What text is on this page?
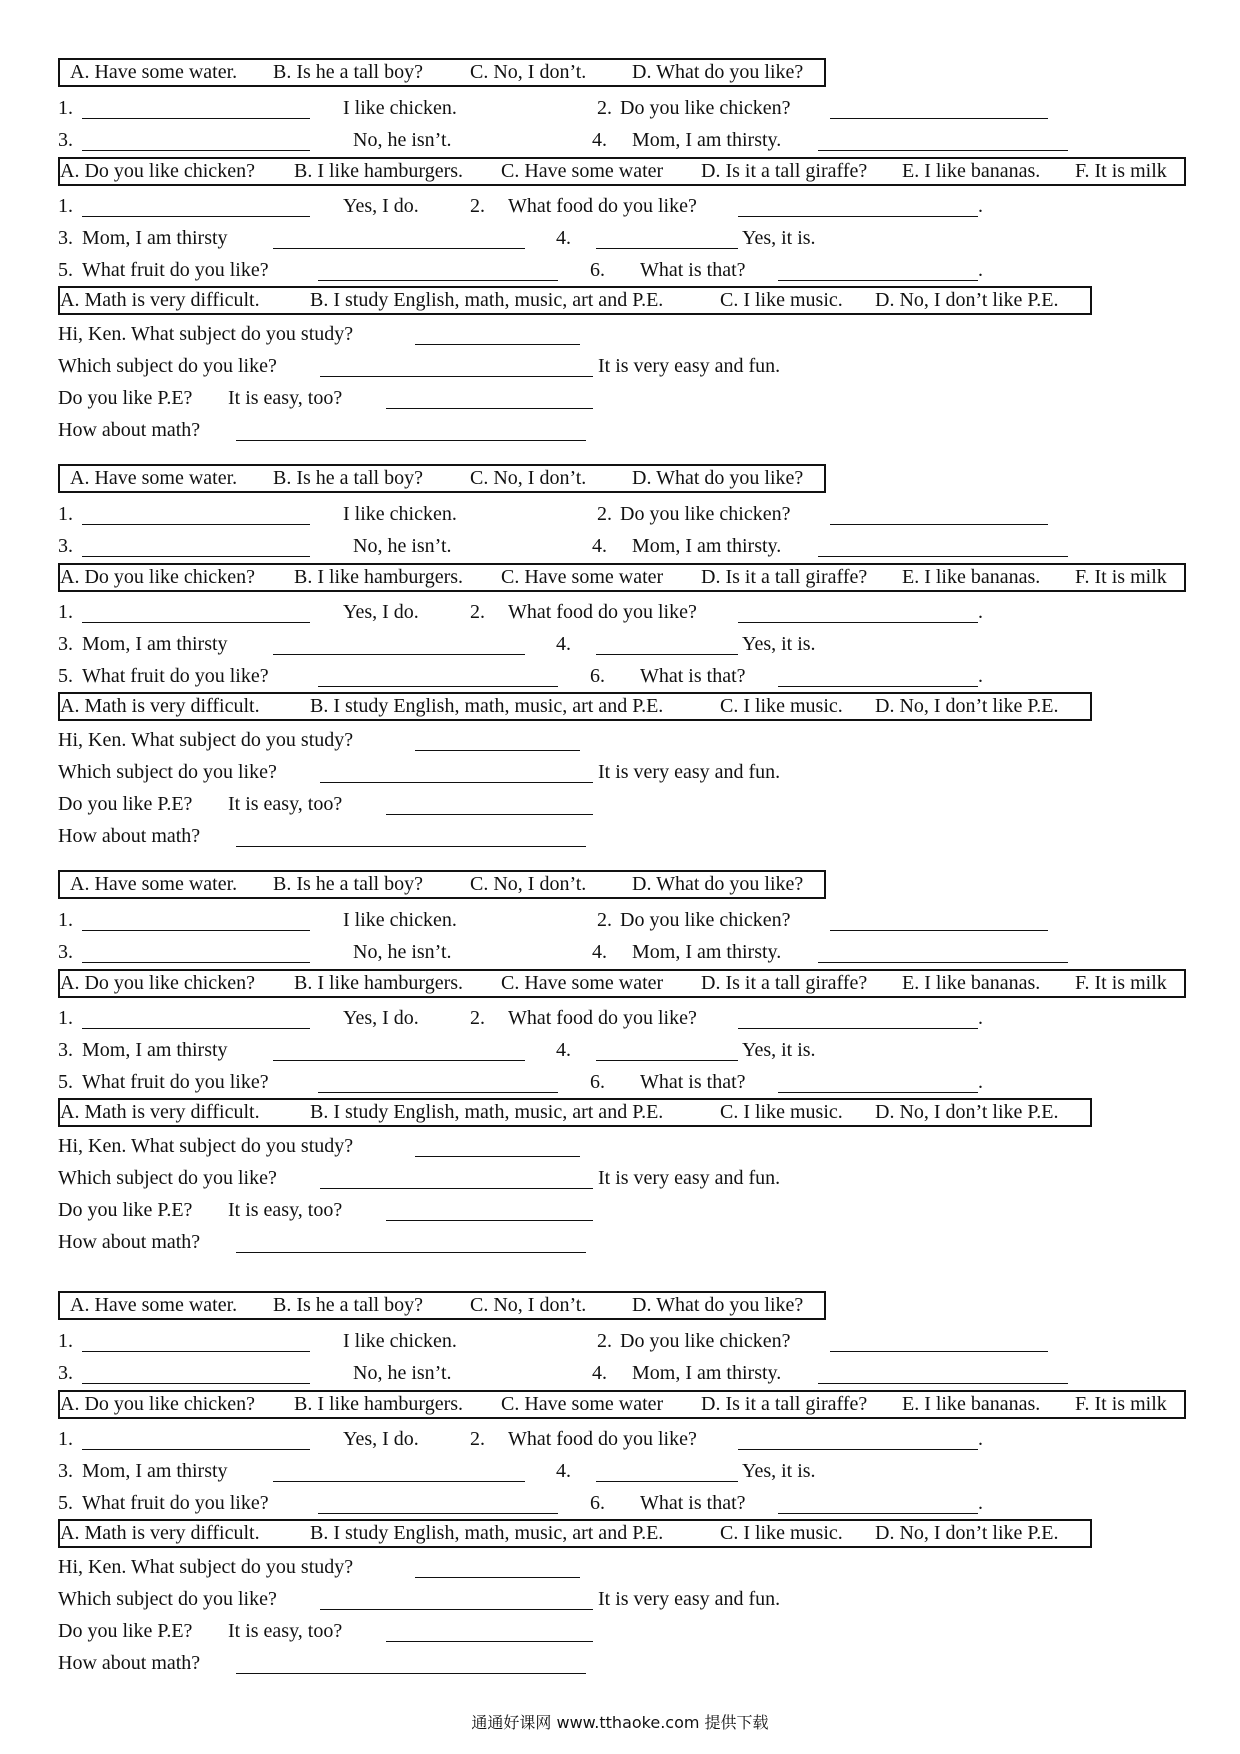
A. Have some water. B. Is he a tall boy? C. No, I don’t. D. What do you like?
1.	I like chicken.	2. Do you like chicken?
3.	No, he isn’t.	4. Mom, I am thirsty.
A. Do you like chicken? B. I like hamburgers. C. Have some water D. Is it a tall giraffe? E. I like bananas. F. It is milk
1.	Yes, I do.	2. What food do you like?	.
3. Mom, I am thirsty	4.	Yes, it is.
5. What fruit do you like?	6. What is that?	.
A. Math is very difficult.	B. I study English, math, music, art and P.E.	C. I like music. D. No, I don’t like P.E.
Hi, Ken. What subject do you study?
Which subject do you like?	It is very easy and fun.
Do you like P.E? It is easy, too?
How about math?
A. Have some water. B. Is he a tall boy? C. No, I don’t. D. What do you like?
1.	I like chicken.	2. Do you like chicken?
3.	No, he isn’t.	4. Mom, I am thirsty.
A. Do you like chicken? B. I like hamburgers. C. Have some water D. Is it a tall giraffe? E. I like bananas. F. It is milk
1.	Yes, I do.	2. What food do you like?	.
3. Mom, I am thirsty	4.	Yes, it is.
5. What fruit do you like?	6. What is that?	.
A. Math is very difficult.	B. I study English, math, music, art and P.E.	C. I like music. D. No, I don’t like P.E.
Hi, Ken. What subject do you study?
Which subject do you like?	It is very easy and fun.
Do you like P.E? It is easy, too?
How about math?
A. Have some water. B. Is he a tall boy? C. No, I don’t. D. What do you like?
1.	I like chicken.	2. Do you like chicken?
3.	No, he isn’t.	4. Mom, I am thirsty.
A. Do you like chicken? B. I like hamburgers. C. Have some water D. Is it a tall giraffe? E. I like bananas. F. It is milk
1.	Yes, I do.	2. What food do you like?	.
3. Mom, I am thirsty	4.	Yes, it is.
5. What fruit do you like?	6. What is that?	.
A. Math is very difficult.	B. I study English, math, music, art and P.E.	C. I like music. D. No, I don’t like P.E.
Hi, Ken. What subject do you study?
Which subject do you like?	It is very easy and fun.
Do you like P.E? It is easy, too?
How about math?
A. Have some water. B. Is he a tall boy? C. No, I don’t. D. What do you like?
1.	I like chicken.	2. Do you like chicken?
3.	No, he isn’t.	4. Mom, I am thirsty.
A. Do you like chicken? B. I like hamburgers. C. Have some water D. Is it a tall giraffe? E. I like bananas. F. It is milk
1.	Yes, I do.	2. What food do you like?	.
3. Mom, I am thirsty	4.	Yes, it is.
5. What fruit do you like?	6. What is that?	.
A. Math is very difficult.	B. I study English, math, music, art and P.E.	C. I like music. D. No, I don’t like P.E.
Hi, Ken. What subject do you study?
Which subject do you like?	It is very easy and fun.
Do you like P.E? It is easy, too?
How about math?
通通好课网 www.tthaoke.com 提供下载
